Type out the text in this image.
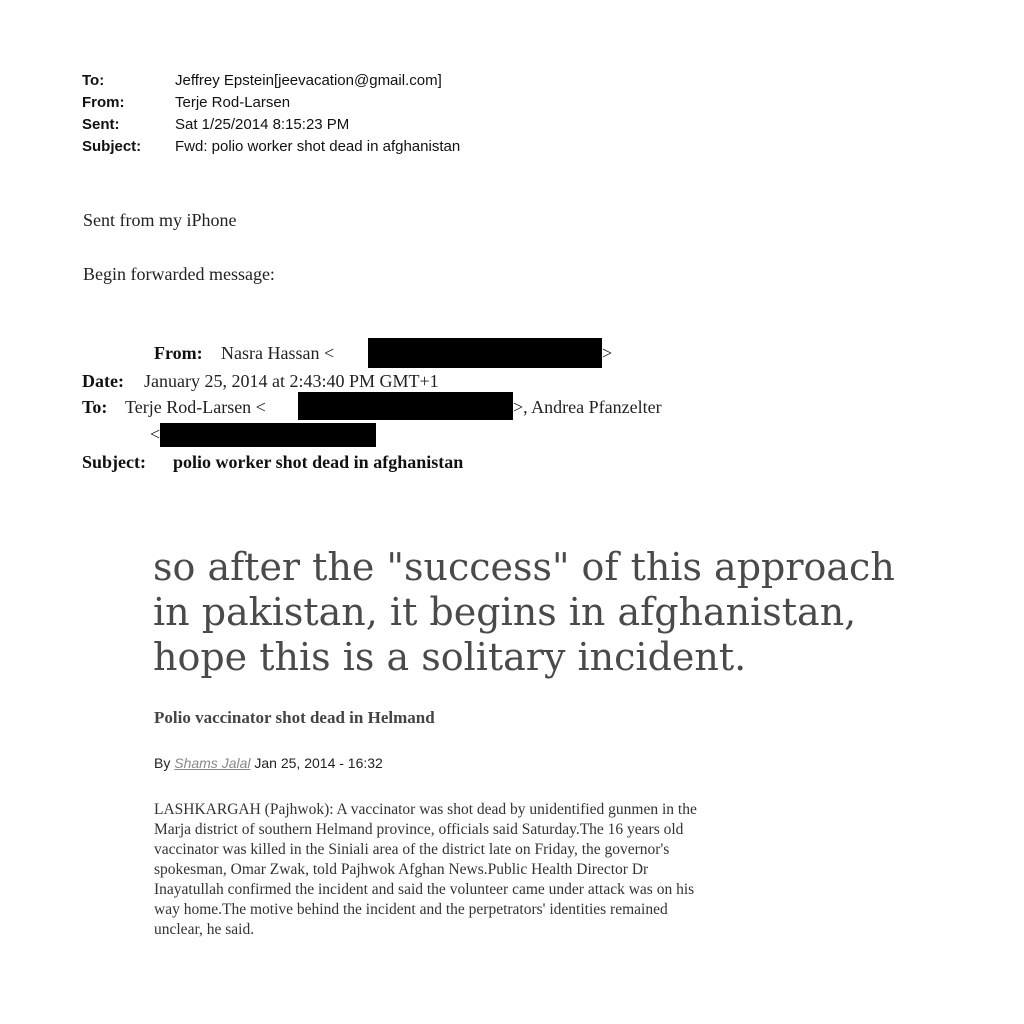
To:	Jeffrey Epstein[jeevacation@gmail.com]
From:	Terje Rod-Larsen
Sent:	Sat 1/25/2014 8:15:23 PM
Subject: Fwd: polio worker shot dead in afghanistan
Sent from my iPhone
Begin forwarded message:
From: Nasra Hassan <	>
Date: January 25, 2014 at 2:43:40 PM GMT+1
To: Terje Rod-Larsen <	>, Andrea Pfanzelter
<
Subject: polio worker shot dead in afghanistan
so after the "success" of this approach
in pakistan, it begins in afghanistan,
hope this is a solitary incident.
Polio vaccinator shot dead in Helmand
By Shams Jalal Jan 25, 2014 - 16:32
LASHKARGAH (Pajhwok): A vaccinator was shot dead by unidentified gunmen in the
Marja district of southern Helmand province, officials said Saturday.The 16 years old
vaccinator was killed in the Siniali area of the district late on Friday, the governor's
spokesman, Omar Zwak, told Pajhwok Afghan News.Public Health Director Dr
Inayatullah confirmed the incident and said the volunteer came under attack was on his
way home.The motive behind the incident and the perpetrators' identities remained
unclear, he said.
